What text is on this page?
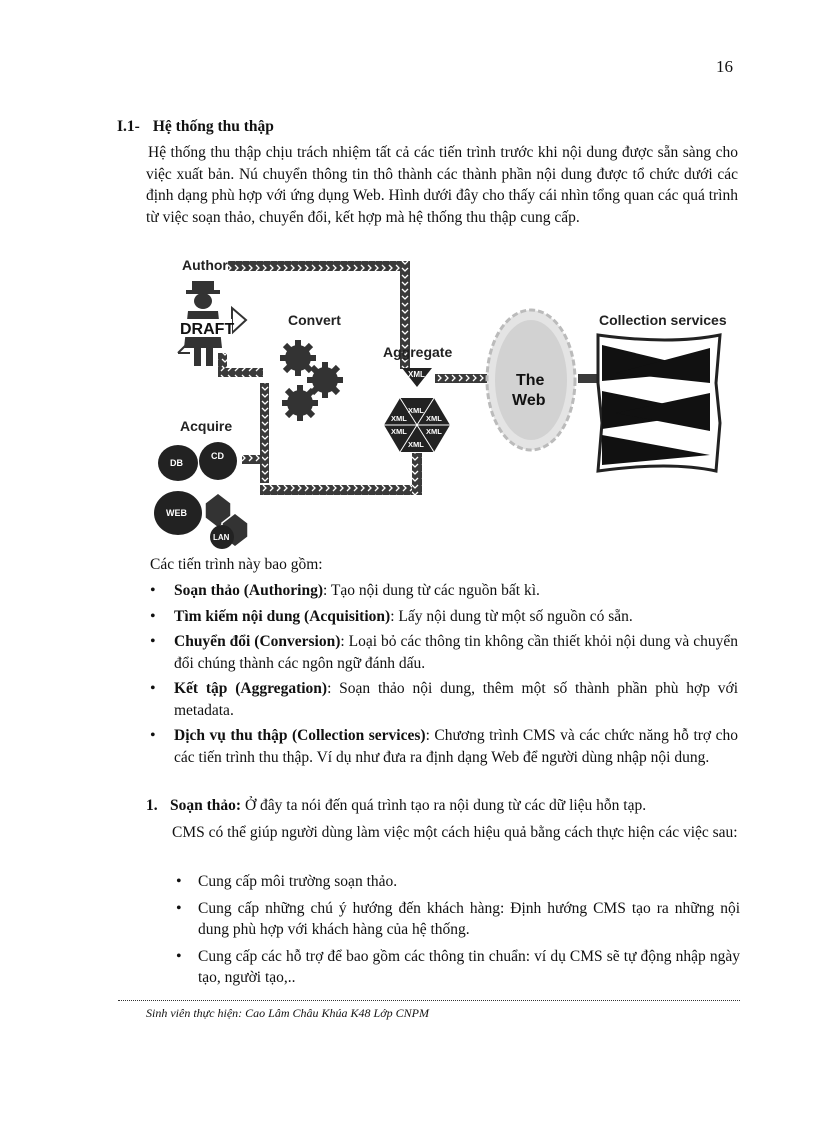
16
I.1- Hệ thống thu thập
Hệ thống thu thập chịu trách nhiệm tất cả các tiến trình trước khi nội dung được sẵn sàng cho việc xuất bản. Nú chuyển thông tin thô thành các thành phần nội dung được tổ chức dưới các định dạng phù hợp với ứng dụng Web. Hình dưới đây cho thấy cái nhìn tổng quan các quá trình từ việc soạn thảo, chuyển đổi, kết hợp mà hệ thống thu thập cung cấp.
Author
DRAFT
Convert
Aggregate
XML
XML
XML
XML
XML	XML
XML
The
Web
Collection services
Acquire
DB
CD
WEB
LAN
Các tiến trình này bao gồm:
• Soạn thảo (Authoring): Tạo nội dung từ các nguồn bất kì.
• Tìm kiếm nội dung (Acquisition): Lấy nội dung từ một số nguồn có sẵn.
• Chuyển đổi (Conversion): Loại bỏ các thông tin không cần thiết khỏi nội dung và chuyển đổi chúng thành các ngôn ngữ đánh dấu.
• Kết tập (Aggregation): Soạn thảo nội dung, thêm một số thành phần phù hợp với metadata.
• Dịch vụ thu thập (Collection services): Chương trình CMS và các chức năng hỗ trợ cho các tiến trình thu thập. Ví dụ như đưa ra định dạng Web để người dùng nhập nội dung.
1. Soạn thảo: Ở đây ta nói đến quá trình tạo ra nội dung từ các dữ liệu hỗn tạp.
CMS có thể giúp người dùng làm việc một cách hiệu quả bằng cách thực hiện các việc sau:
• Cung cấp môi trường soạn thảo.
• Cung cấp những chú ý hướng đến khách hàng: Định hướng CMS tạo ra những nội dung phù hợp với khách hàng của hệ thống.
• Cung cấp các hỗ trợ để bao gồm các thông tin chuẩn: ví dụ CMS sẽ tự động nhập ngày tạo, người tạo,..
Sinh viên thực hiện: Cao Lâm Châu Khúa K48 Lớp CNPM
